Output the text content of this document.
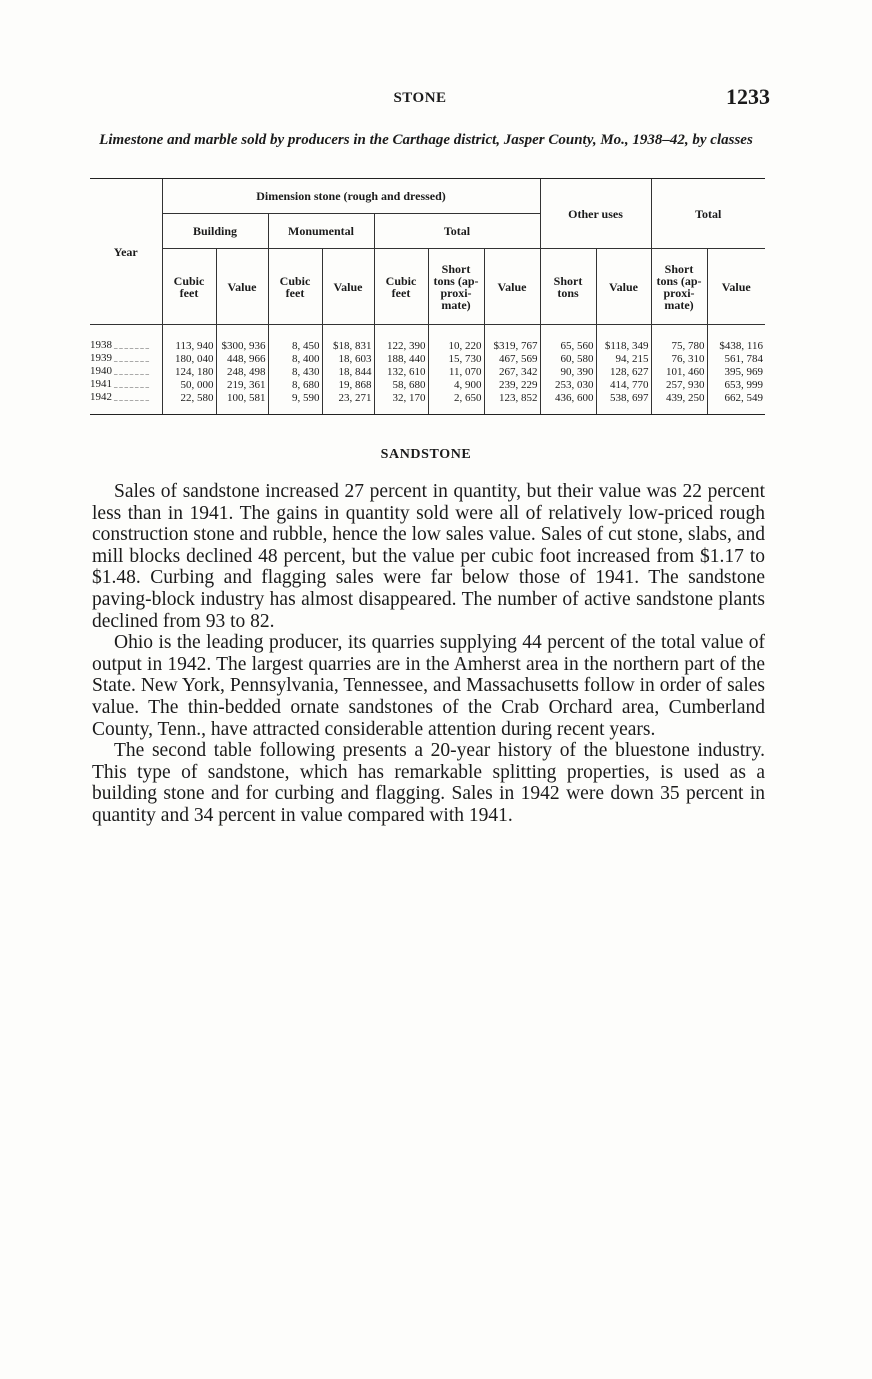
STONE	1233
Limestone and marble sold by producers in the Carthage district, Jasper County, Mo., 1938–42, by classes
Year	Dimension stone (rough and dressed)							Other uses		Total	
	Building		Monumental		Total						
	Cubic feet	Value	Cubic feet	Value	Cubic feet	Short tons (ap-proxi-mate)	Value	Short tons	Value	Short tons (ap-proxi-mate)	Value
1938 _ _ _ _ _ _ _	113, 940	$300, 936	8, 450	$18, 831	122, 390	10, 220	$319, 767	65, 560	$118, 349	75, 780	$438, 116
1939 _ _ _ _ _ _ _	180, 040	448, 966	8, 400	18, 603	188, 440	15, 730	467, 569	60, 580	94, 215	76, 310	561, 784
1940 _ _ _ _ _ _ _	124, 180	248, 498	8, 430	18, 844	132, 610	11, 070	267, 342	90, 390	128, 627	101, 460	395, 969
1941 _ _ _ _ _ _ _	50, 000	219, 361	8, 680	19, 868	58, 680	4, 900	239, 229	253, 030	414, 770	257, 930	653, 999
1942 _ _ _ _ _ _ _	22, 580	100, 581	9, 590	23, 271	32, 170	2, 650	123, 852	436, 600	538, 697	439, 250	662, 549
SANDSTONE

Sales of sandstone increased 27 percent in quantity, but their value was 22 percent less than in 1941. The gains in quantity sold were all of relatively low-priced rough construction stone and rubble, hence the low sales value. Sales of cut stone, slabs, and mill blocks declined 48 percent, but the value per cubic foot increased from $1.17 to $1.48. Curbing and flagging sales were far below those of 1941. The sandstone paving-block industry has almost disappeared. The number of active sandstone plants declined from 93 to 82.

Ohio is the leading producer, its quarries supplying 44 percent of the total value of output in 1942. The largest quarries are in the Amherst area in the northern part of the State. New York, Pennsylvania, Tennessee, and Massachusetts follow in order of sales value. The thin-bedded ornate sandstones of the Crab Orchard area, Cumberland County, Tenn., have attracted considerable attention during recent years.

The second table following presents a 20-year history of the bluestone industry. This type of sandstone, which has remarkable splitting properties, is used as a building stone and for curbing and flagging. Sales in 1942 were down 35 percent in quantity and 34 percent in value compared with 1941.
